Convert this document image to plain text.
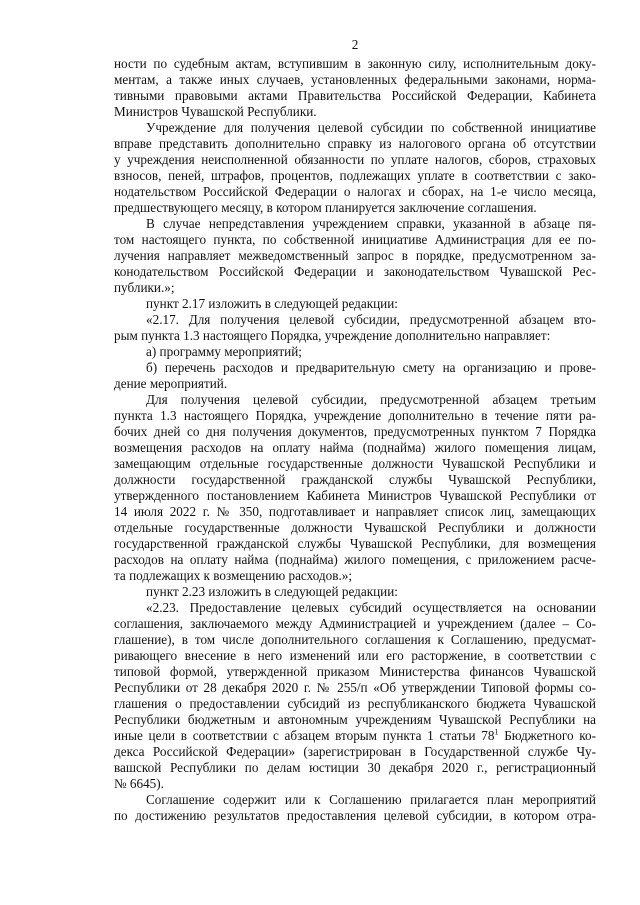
2
ности по судебным актам, вступившим в законную силу, исполнительным доку-
ментам, а также иных случаев, установленных федеральными законами, норма-
тивными правовыми актами Правительства Российской Федерации, Кабинета
Министров Чувашской Республики.
Учреждение для получения целевой субсидии по собственной инициативе
вправе представить дополнительно справку из налогового органа об отсутствии
у учреждения неисполненной обязанности по уплате налогов, сборов, страховых
взносов, пеней, штрафов, процентов, подлежащих уплате в соответствии с зако-
нодательством Российской Федерации о налогах и сборах, на 1-е число месяца,
предшествующего месяцу, в котором планируется заключение соглашения.
В случае непредставления учреждением справки, указанной в абзаце пя-
том настоящего пункта, по собственной инициативе Администрация для ее по-
лучения направляет межведомственный запрос в порядке, предусмотренном за-
конодательством Российской Федерации и законодательством Чувашской Рес-
публики.»;
пункт 2.17 изложить в следующей редакции:
«2.17. Для получения целевой субсидии, предусмотренной абзацем вто-
рым пункта 1.3 настоящего Порядка, учреждение дополнительно направляет:
а) программу мероприятий;
б) перечень расходов и предварительную смету на организацию и прове-
дение мероприятий.
Для получения целевой субсидии, предусмотренной абзацем третьим
пункта 1.3 настоящего Порядка, учреждение дополнительно в течение пяти ра-
бочих дней со дня получения документов, предусмотренных пунктом 7 Порядка
возмещения расходов на оплату найма (поднайма) жилого помещения лицам,
замещающим отдельные государственные должности Чувашской Республики и
должности государственной гражданской службы Чувашской Республики,
утвержденного постановлением Кабинета Министров Чувашской Республики от
14 июля 2022 г. № 350, подготавливает и направляет список лиц, замещающих
отдельные государственные должности Чувашской Республики и должности
государственной гражданской службы Чувашской Республики, для возмещения
расходов на оплату найма (поднайма) жилого помещения, с приложением расче-
та подлежащих к возмещению расходов.»;
пункт 2.23 изложить в следующей редакции:
«2.23. Предоставление целевых субсидий осуществляется на основании
соглашения, заключаемого между Администрацией и учреждением (далее – Со-
глашение), в том числе дополнительного соглашения к Соглашению, предусмат-
ривающего внесение в него изменений или его расторжение, в соответствии с
типовой формой, утвержденной приказом Министерства финансов Чувашской
Республики от 28 декабря 2020 г. № 255/п «Об утверждении Типовой формы со-
глашения о предоставлении субсидий из республиканского бюджета Чувашской
Республики бюджетным и автономным учреждениям Чувашской Республики на
иные цели в соответствии с абзацем вторым пункта 1 статьи $78^1$ Бюджетного ко-
декса Российской Федерации» (зарегистрирован в Государственной службе Чу-
вашской Республики по делам юстиции 30 декабря 2020 г., регистрационный
№ 6645).
Соглашение содержит или к Соглашению прилагается план мероприятий
по достижению результатов предоставления целевой субсидии, в котором отра-
